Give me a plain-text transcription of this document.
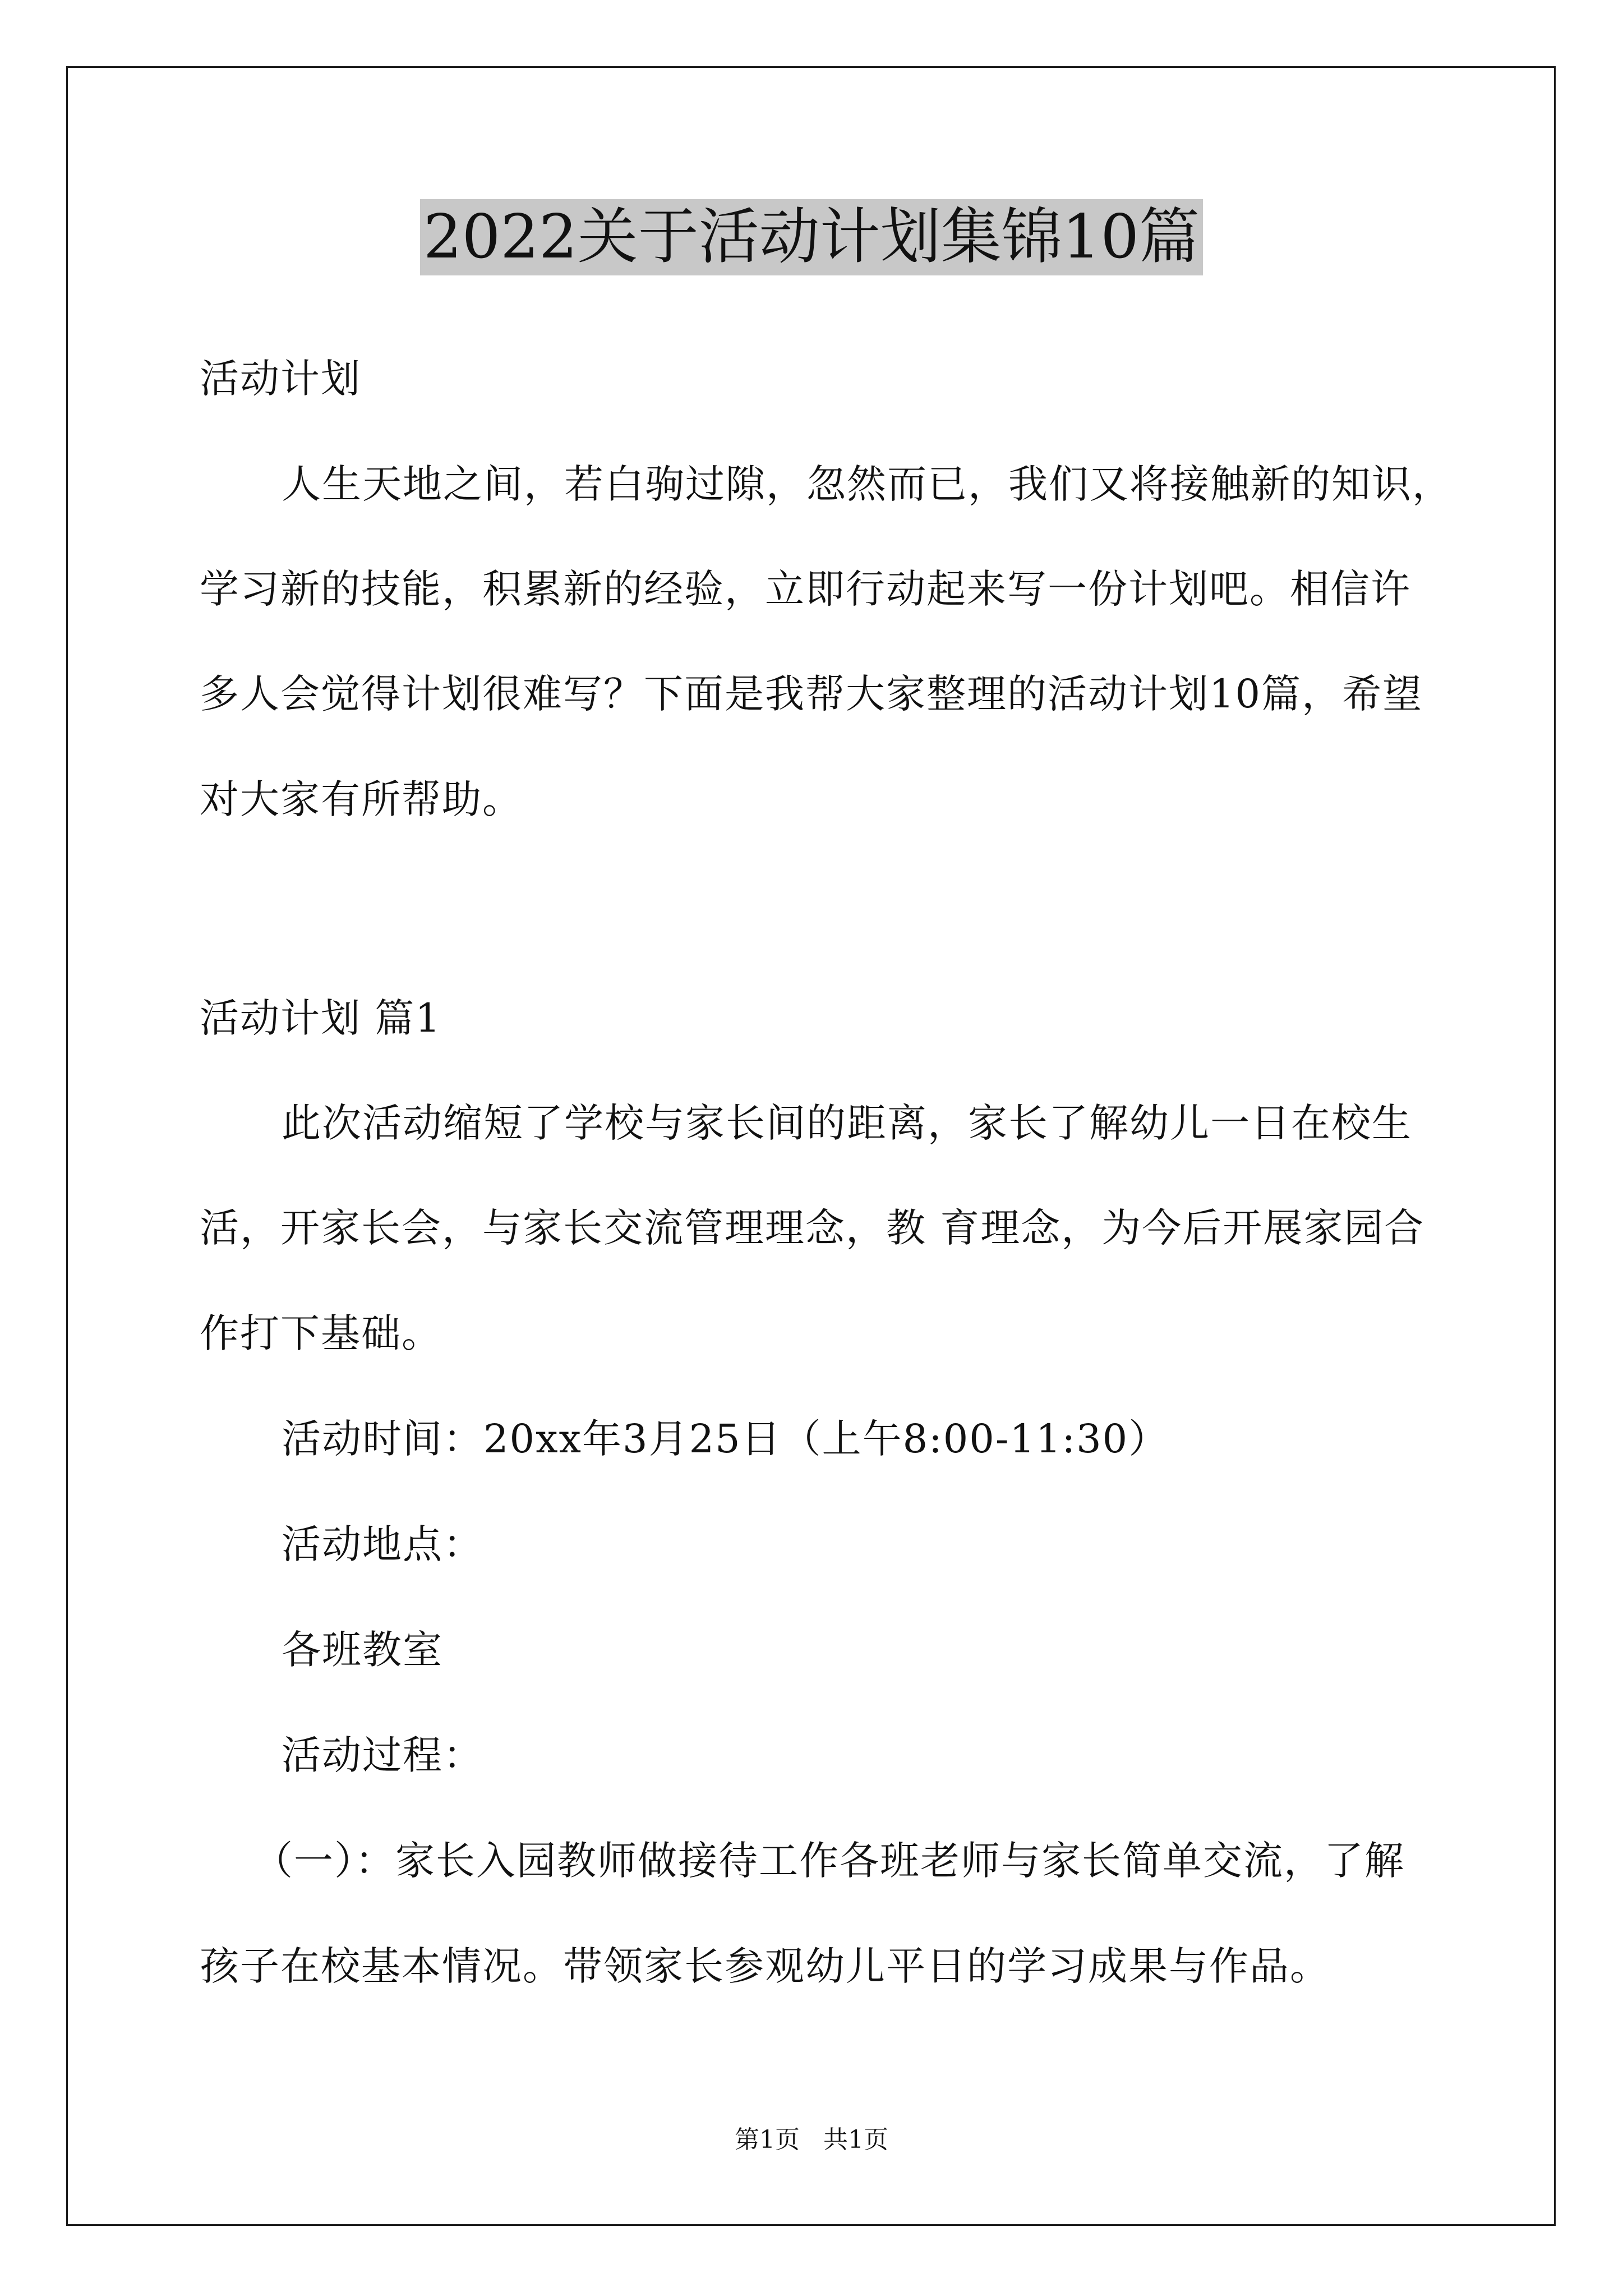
2022关于活动计划集锦10篇
活动计划
人生天地之间，若白驹过隙，忽然而已，我们又将接触新的知识，
学习新的技能，积累新的经验，立即行动起来写一份计划吧。相信许
多人会觉得计划很难写？下面是我帮大家整理的活动计划10篇，希望
对大家有所帮助。
活动计划 篇1
此次活动缩短了学校与家长间的距离，家长了解幼儿一日在校生
活，开家长会，与家长交流管理理念，教 育理念，为今后开展家园合
作打下基础。
活动时间：20xx年3月25日（上午8:00-11:30）
活动地点：
各班教室
活动过程：
（一）：家长入园教师做接待工作各班老师与家长简单交流，了解
孩子在校基本情况。带领家长参观幼儿平日的学习成果与作品。
第1页   共1页
